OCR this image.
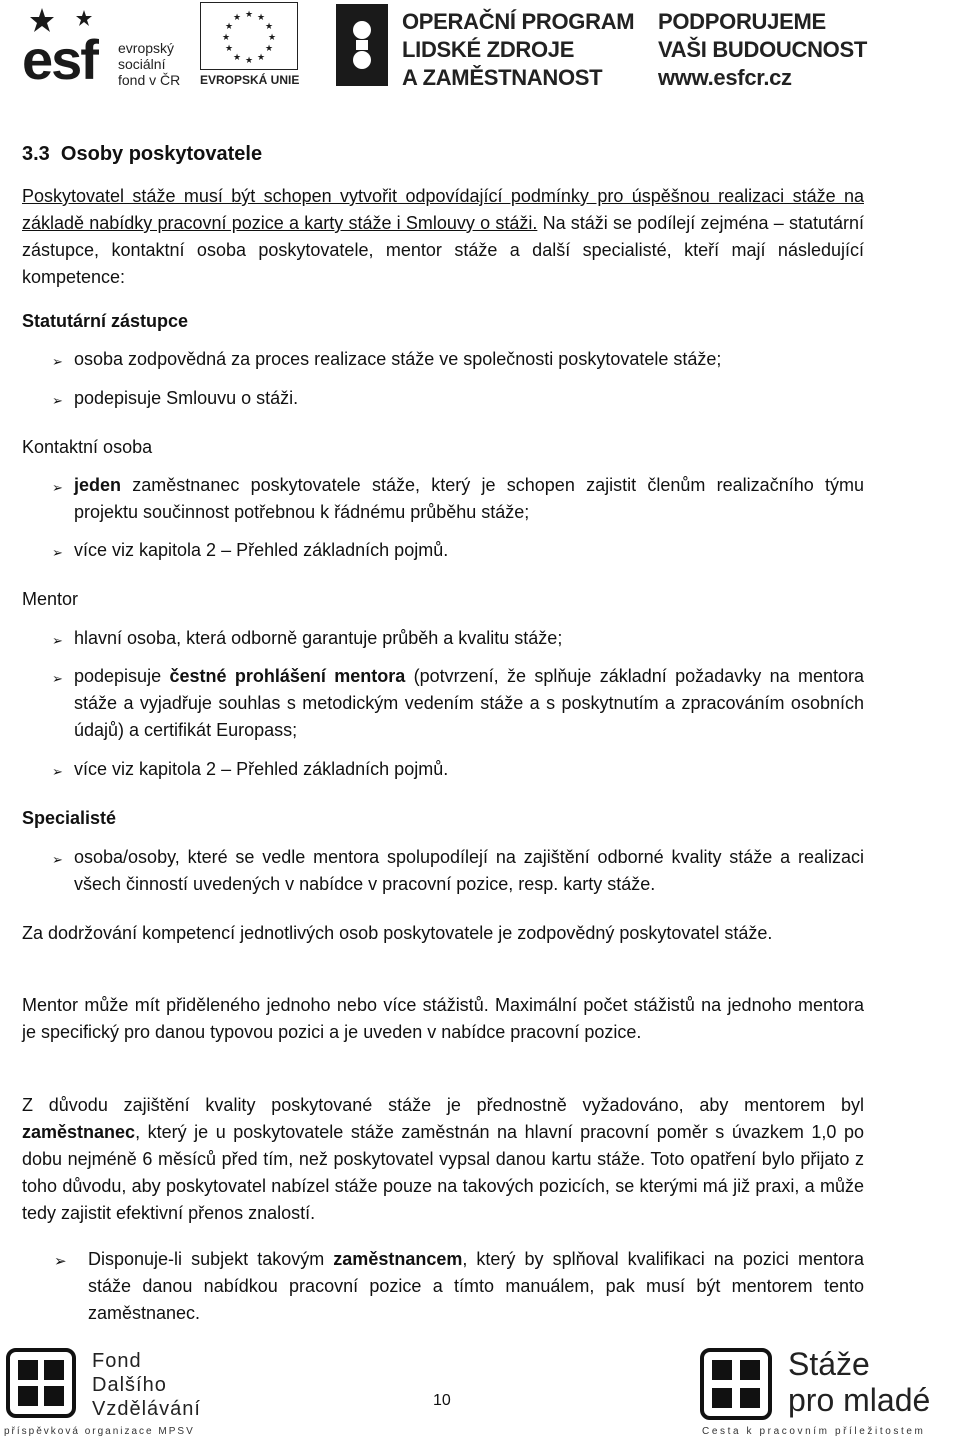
esf evropský
sociální
fond v ČR
★ ★
★
★
★
★
★
★
★
★
★
★
EVROPSKÁ UNIE
OPERAČNÍ PROGRAM
LIDSKÉ ZDROJE
A ZAMĚSTNANOST
PODPORUJEME
VAŠI BUDOUCNOST
www.esfcr.cz
3.3  Osoby poskytovatele
Poskytovatel stáže musí být schopen vytvořit odpovídající podmínky pro úspěšnou realizaci stáže na základě nabídky pracovní pozice a karty stáže i Smlouvy o stáži. Na stáži se podílejí zejména – statutární zástupce, kontaktní osoba poskytovatele, mentor stáže a další specialisté, kteří mají následující kompetence:
Statutární zástupce
➢ osoba zodpovědná za proces realizace stáže ve společnosti poskytovatele stáže;
➢ podepisuje Smlouvu o stáži.
Kontaktní osoba
➢ jeden zaměstnanec poskytovatele stáže, který je schopen zajistit členům realizačního týmu projektu součinnost potřebnou k řádnému průběhu stáže;
➢ více viz kapitola 2 – Přehled základních pojmů.
Mentor
➢ hlavní osoba, která odborně garantuje průběh a kvalitu stáže;
➢ podepisuje čestné prohlášení mentora (potvrzení, že splňuje základní požadavky na mentora stáže a vyjadřuje souhlas s metodickým vedením stáže a s poskytnutím a zpracováním osobních údajů) a certifikát Europass;
➢ více viz kapitola 2 – Přehled základních pojmů.
Specialisté
➢ osoba/osoby, které se vedle mentora spolupodílejí na zajištění odborné kvality stáže a realizaci všech činností uvedených v nabídce v pracovní pozice, resp. karty stáže.
Za dodržování kompetencí jednotlivých osob poskytovatele je zodpovědný poskytovatel stáže.
Mentor může mít přiděleného jednoho nebo více stážistů. Maximální počet stážistů na jednoho mentora je specifický pro danou typovou pozici a je uveden v nabídce pracovní pozice.
Z důvodu zajištění kvality poskytované stáže je přednostně vyžadováno, aby mentorem byl zaměstnanec, který je u poskytovatele stáže zaměstnán na hlavní pracovní poměr s úvazkem 1,0 po dobu nejméně 6 měsíců před tím, než poskytovatel vypsal danou kartu stáže. Toto opatření bylo přijato z toho důvodu, aby poskytovatel nabízel stáže pouze na takových pozicích, se kterými má již praxi, a může tedy zajistit efektivní přenos znalostí.
➢ Disponuje-li subjekt takovým zaměstnancem, který by splňoval kvalifikaci na pozici mentora stáže danou nabídkou pracovní pozice a tímto manuálem, pak musí být mentorem tento zaměstnanec.
Fond
Dalšího
Vzdělávání
příspěvková organizace MPSV
10
Stáže
pro mladé
Cesta k pracovním příležitostem
